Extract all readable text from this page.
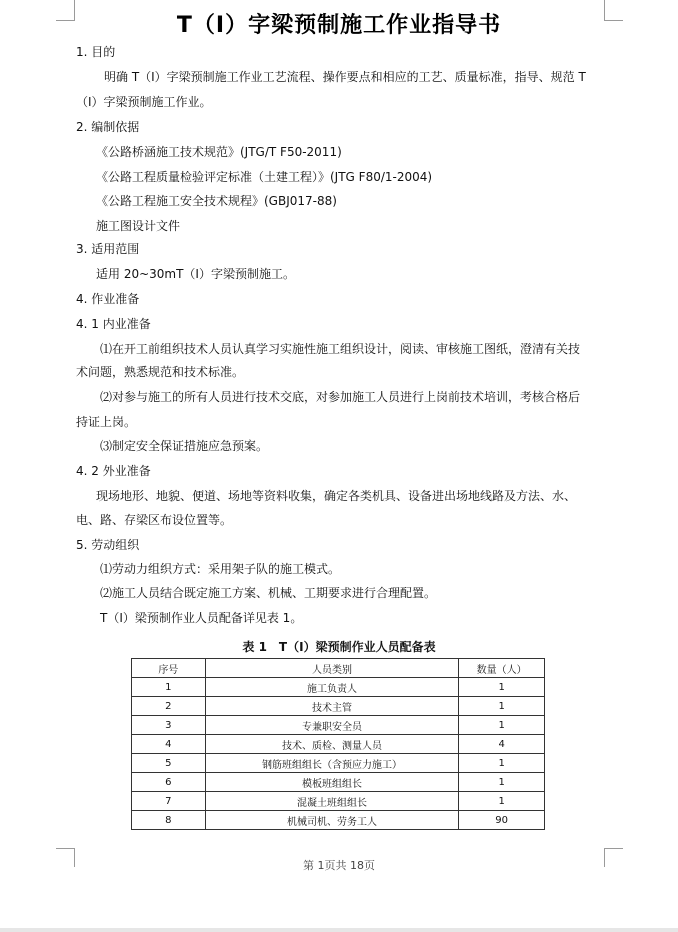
T（I）字梁预制施工作业指导书
1. 目的
明确 T（I）字梁预制施工作业工艺流程、操作要点和相应的工艺、质量标准，指导、规范 T
（I）字梁预制施工作业。
2. 编制依据
《公路桥涵施工技术规范》(JTG/T F50-2011)
《公路工程质量检验评定标准（土建工程）》(JTG F80/1-2004)
《公路工程施工安全技术规程》(GBJ017-88)
施工图设计文件
3. 适用范围
适用 20~30mT（I）字梁预制施工。
4. 作业准备
4. 1 内业准备
⑴在开工前组织技术人员认真学习实施性施工组织设计，阅读、审核施工图纸，澄清有关技
术问题，熟悉规范和技术标准。
⑵对参与施工的所有人员进行技术交底，对参加施工人员进行上岗前技术培训，考核合格后
持证上岗。
⑶制定安全保证措施应急预案。
4. 2 外业准备
现场地形、地貌、便道、场地等资料收集，确定各类机具、设备进出场地线路及方法、水、
电、路、存梁区布设位置等。
5. 劳动组织
⑴劳动力组织方式：采用架子队的施工模式。
⑵施工人员结合既定施工方案、机械、工期要求进行合理配置。
T（I）梁预制作业人员配备详见表 1。
表 1　T（I）梁预制作业人员配备表
序号	人员类别	数量（人）
1	施工负责人	1
2	技术主管	1
3	专兼职安全员	1
4	技术、质检、测量人员	4
5	钢筋班组组长（含预应力施工）	1
6	模板班组组长	1
7	混凝土班组组长	1
8	机械司机、劳务工人	90
第 1页共 18页
